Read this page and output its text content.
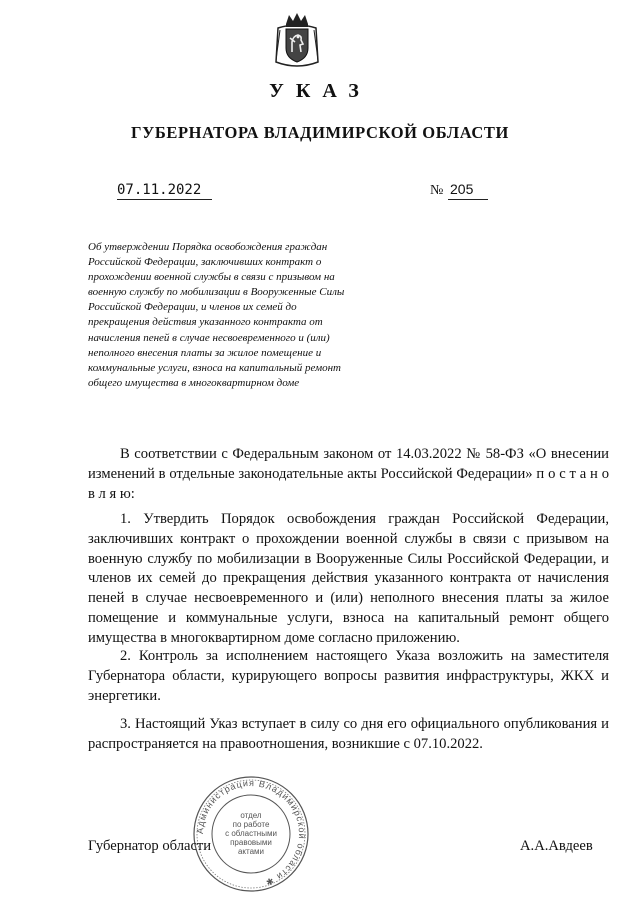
УКАЗ
ГУБЕРНАТОРА ВЛАДИМИРСКОЙ ОБЛАСТИ
07.11.2022	№ 205
Об утверждении Порядка освобождения граждан Российской Федерации, заключивших контракт о прохождении военной службы в связи с призывом на военную службу по мобилизации в Вооруженные Силы Российской Федерации, и членов их семей до прекращения действия указанного контракта от начисления пеней в случае несвоевременного и (или) неполного внесения платы за жилое помещение и коммунальные услуги, взноса на капитальный ремонт общего имущества в многоквартирном доме
В соответствии с Федеральным законом от 14.03.2022 № 58-ФЗ «О внесении изменений в отдельные законодательные акты Российской Федерации» п о с т а н о в л я ю:
1. Утвердить Порядок освобождения граждан Российской Федерации, заключивших контракт о прохождении военной службы в связи с призывом на военную службу по мобилизации в Вооруженные Силы Российской Федерации, и членов их семей до прекращения действия указанного контракта от начисления пеней в случае несвоевременного и (или) неполного внесения платы за жилое помещение и коммунальные услуги, взноса на капитальный ремонт общего имущества в многоквартирном доме согласно приложению.
2. Контроль за исполнением настоящего Указа возложить на заместителя Губернатора области, курирующего вопросы развития инфраструктуры, ЖКХ и энергетики.
3. Настоящий Указ вступает в силу со дня его официального опубликования и распространяется на правоотношения, возникшие с 07.10.2022.
Администрация Владимирской области ✱
отдел
по работе
с областными
правовыми
актами
Губернатор области	А.А.Авдеев
